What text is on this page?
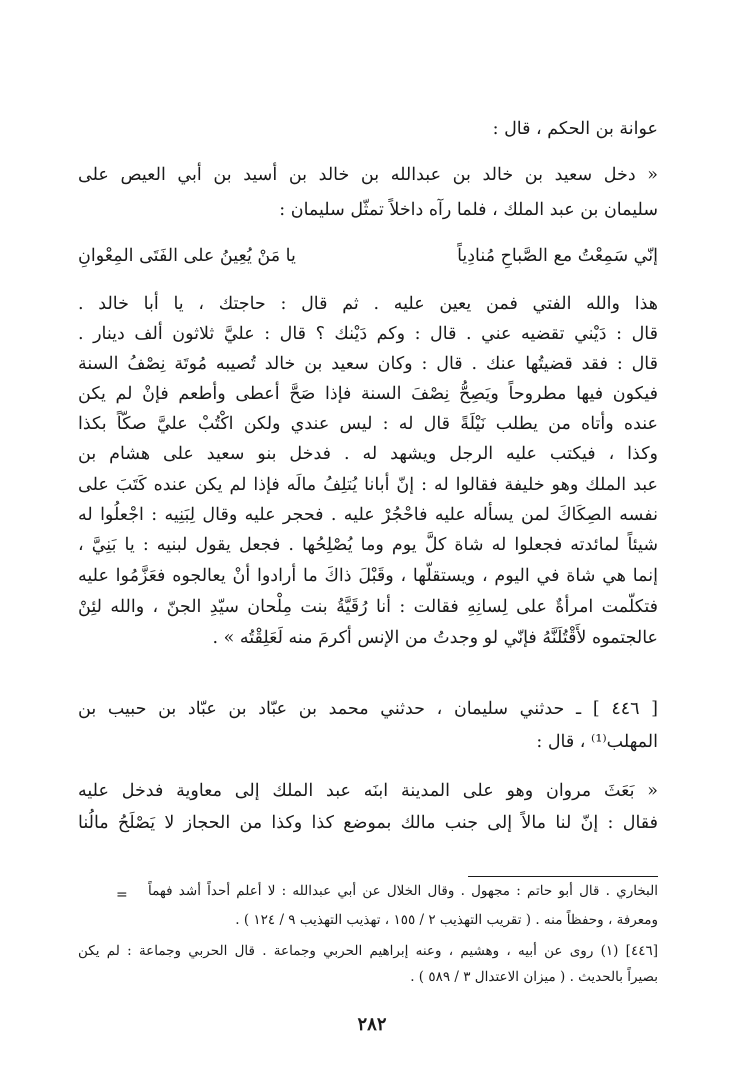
عوانة بن الحكم ، قال :
« دخل سعيد بن خالد بن عبدالله بن خالد بن أسيد بن أبي العيص على
سليمان بن عبد الملك ، فلما رآه داخلاً تمثّل سليمان :
إنّي سَمِعْتُ مع الصَّباحِ مُنادِياً
يا مَنْ يُعِينُ على الفَتَى المِعْوانِ
هذا والله الفتي فمن يعين عليه . ثم قال : حاجتك ، يا أبا خالد .
قال : دَيْني تقضيه عني . قال : وكم دَيْنك ؟ قال : عليَّ ثلاثون ألف دينار .
قال : فقد قضيتُها عنك . قال : وكان سعيد بن خالد تُصيبه مُوتَة نِصْفُ السنة
فيكون فيها مطروحاً ويَصِحُّ نِصْفَ السنة فإذا صَحَّ أعطى وأطعم فإنْ لم يكن
عنده وأتاه من يطلب نَيْلَةً قال له : ليس عندي ولكن اكْتُبْ عليَّ صكّاً بكذا
وكذا ، فيكتب عليه الرجل ويشهد له . فدخل بنو سعيد على هشام بن
عبد الملك وهو خليفة فقالوا له : إنّ أبانا يُتلِفُ مالَه فإذا لم يكن عنده كَتَبَ على
نفسه الصِكَاكَ لمن يسأله عليه فاحْجُرْ عليه . فحجر عليه وقال لِبَنِيه : اجْعلُوا له
شيئاً لمائدته فجعلوا له شاة كلَّ يوم وما يُصْلِحُها . فجعل يقول لبنيه : يا بَنِيَّ ،
إنما هي شاة في اليوم ، ويستقلّها ، وقَبْلَ ذاكَ ما أرادوا أنْ يعالجوه فعَزَّمُوا عليه
فتكلّمت امرأةٌ على لِسانِهِ فقالت : أنا رُقَيَّةُ بنت مِلْحان سيّدِ الجنّ ، والله لئِنْ
عالجتموه لأَقْتُلَنَّهُ فإنّي لو وجدتُ من الإنس أكرمَ منه لَعَلِقْتُه » .
[ ٤٤٦ ] ـ حدثني سليمان ، حدثني محمد بن عبّاد بن عبّاد بن حبيب بن
المهلب⁽¹⁾ ، قال :
« بَعَثَ مروان وهو على المدينة ابنَه عبد الملك إلى معاوية فدخل عليه
فقال : إنّ لنا مالاً إلى جنب مالك بموضع كذا وكذا من الحجاز لا يَصْلَحُ مالُنا
= البخاري . قال أبو حاتم : مجهول . وقال الخلال عن أبي عبدالله : لا أعلم أحداً أشد فهماً
ومعرفة ، وحفظاً منه . ( تقريب التهذيب ٢ / ١٥٥ ، تهذيب التهذيب ٩ / ١٢٤ ) .
[٤٤٦] (١) روى عن أبيه ، وهشيم ، وعنه إبراهيم الحربي وجماعة . قال الحربي وجماعة : لم يكن
بصيراً بالحديث . ( ميزان الاعتدال ٣ / ٥٨٩ ) .
٢٨٢
